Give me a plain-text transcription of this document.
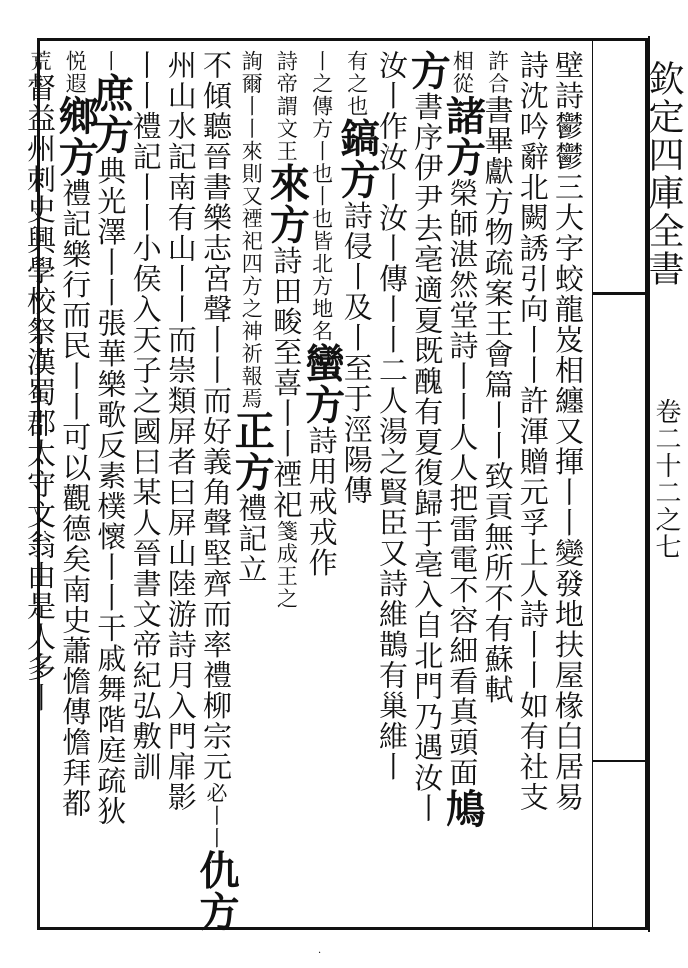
欽定四庫全書
卷二十二之七
壁詩鬱鬱三大字蛟龍岌相纏又揮丨丨變發地扶屋椽白居易
詩沈吟辭北闕誘引向丨丨許渾贈元孚上人詩丨丨如有社支
許合書畢獻方物疏案王會篇丨丨致貢無所不有蘇軾
相從諸方榮師湛然堂詩丨丨人人把雷電不容細看真頭面鳩
方書序伊尹去亳適夏既醜有夏復歸于亳入自北門乃遇汝丨
汝丨作汝丨汝丨傳丨丨二人湯之賢臣又詩維鵲有巢維丨
有之也鎬方詩侵丨及丨至于涇陽傳
丨之傳方丨也丨也皆北方地名蠻方詩用戒戎作
詩帝謂文王來方詩田畯至喜丨丨禋祀箋成王之
詢爾丨丨來則又禋祀四方之神祈報焉正方禮記立
不傾聽晉書樂志宮聲丨丨而好義角聲堅齊而率禮柳宗元必丨丨仇方
州山水記南有山丨丨而崇類屏者曰屏山陸游詩月入門扉影
丨丨禮記丨丨小侯入天子之國曰某人晉書文帝紀弘敷訓
丨庶方典光澤丨丨張華樂歌反素樸懷丨丨干戚舞階庭疏狄
悦遐鄉方禮記樂行而民丨丨可以觀德矣南史蕭憺傳憺拜都
荒督益州刺史興學校祭漢蜀郡太守文翁由是人多丨
·
